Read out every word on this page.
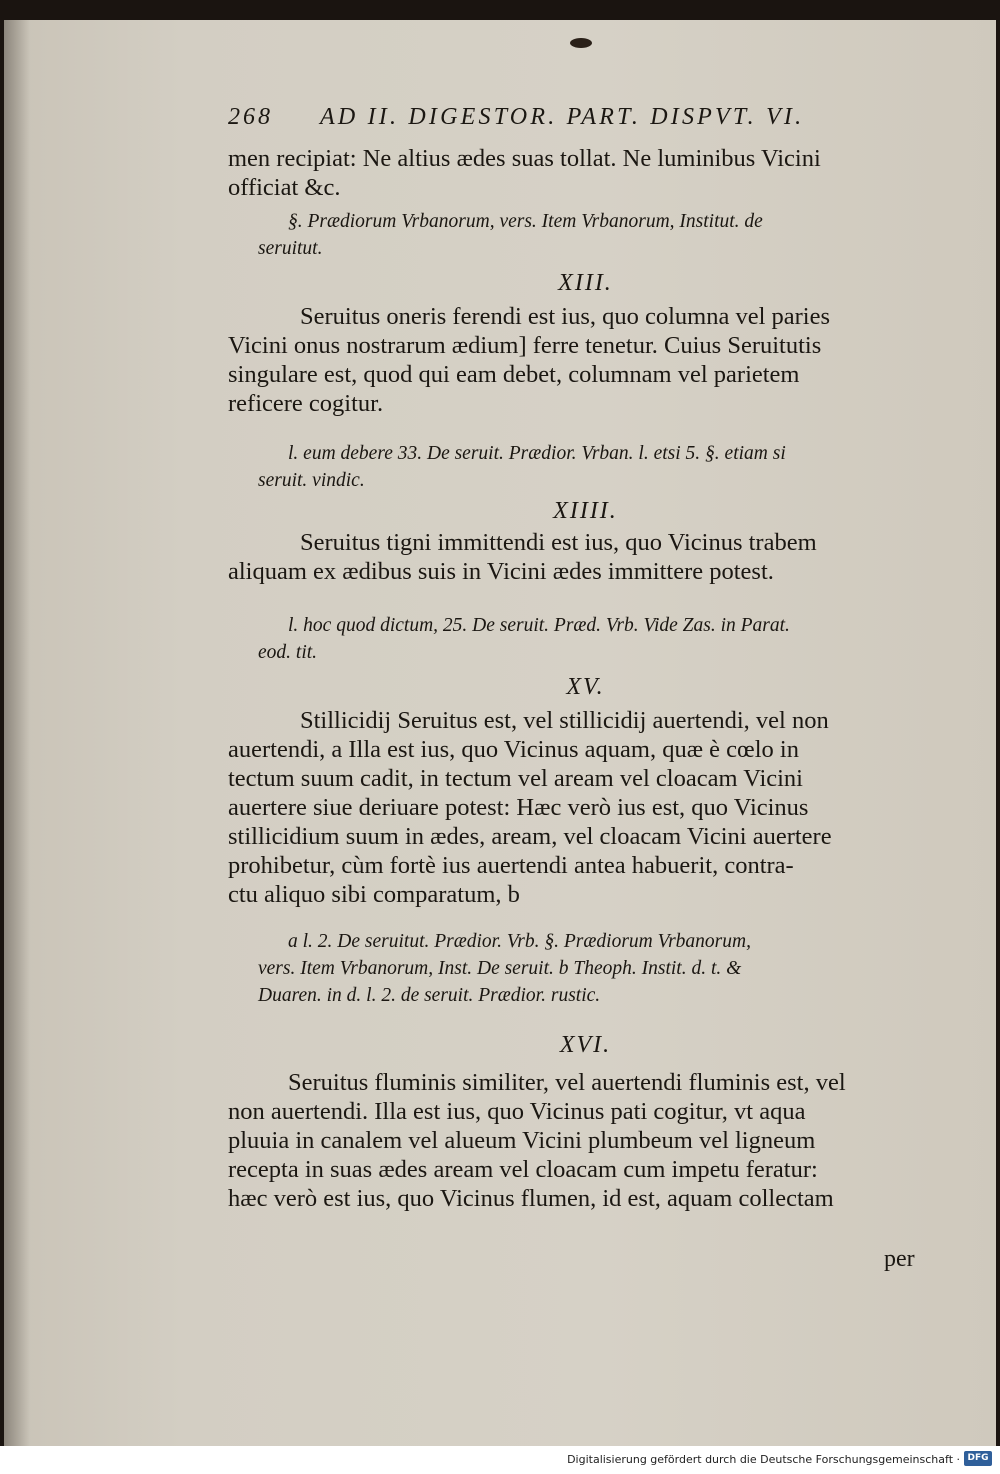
268 AD II. DIGESTOR. PART. DISPVT. VI.
men recipiat: Ne altius ædes suas tollat. Ne luminibus Vicini
officiat &c.
§. Prædiorum Vrbanorum, vers. Item Vrbanorum, Institut. de
seruitut.
XIII.
Seruitus oneris ferendi est ius, quo columna vel paries
Vicini onus nostrarum ædium] ferre tenetur. Cuius Seruitutis
singulare est, quod qui eam debet, columnam vel parietem
reficere cogitur.
l. eum debere 33. De seruit. Prædior. Vrban. l. etsi 5. §. etiam si
seruit. vindic.
XIIII.
Seruitus tigni immittendi est ius, quo Vicinus trabem
aliquam ex ædibus suis in Vicini ædes immittere potest.
l. hoc quod dictum, 25. De seruit. Præd. Vrb. Vide Zas. in Parat.
eod. tit.
XV.
Stillicidij Seruitus est, vel stillicidij auertendi, vel non
auertendi, a Illa est ius, quo Vicinus aquam, quæ è cœlo in
tectum suum cadit, in tectum vel aream vel cloacam Vicini
auertere siue deriuare potest: Hæc verò ius est, quo Vicinus
stillicidium suum in ædes, aream, vel cloacam Vicini auertere
prohibetur, cùm fortè ius auertendi antea habuerit, contra-
ctu aliquo sibi comparatum, b
a l. 2. De seruitut. Prædior. Vrb. §. Prædiorum Vrbanorum,
vers. Item Vrbanorum, Inst. De seruit. b Theoph. Instit. d. t. &
Duaren. in d. l. 2. de seruit. Prædior. rustic.
XVI.
Seruitus fluminis similiter, vel auertendi fluminis est, vel
non auertendi. Illa est ius, quo Vicinus pati cogitur, vt aqua
pluuia in canalem vel alueum Vicini plumbeum vel ligneum
recepta in suas ædes aream vel cloacam cum impetu feratur:
hæc verò est ius, quo Vicinus flumen, id est, aquam collectam
per
Digitalisierung gefördert durch die Deutsche Forschungsgemeinschaft · DFG
